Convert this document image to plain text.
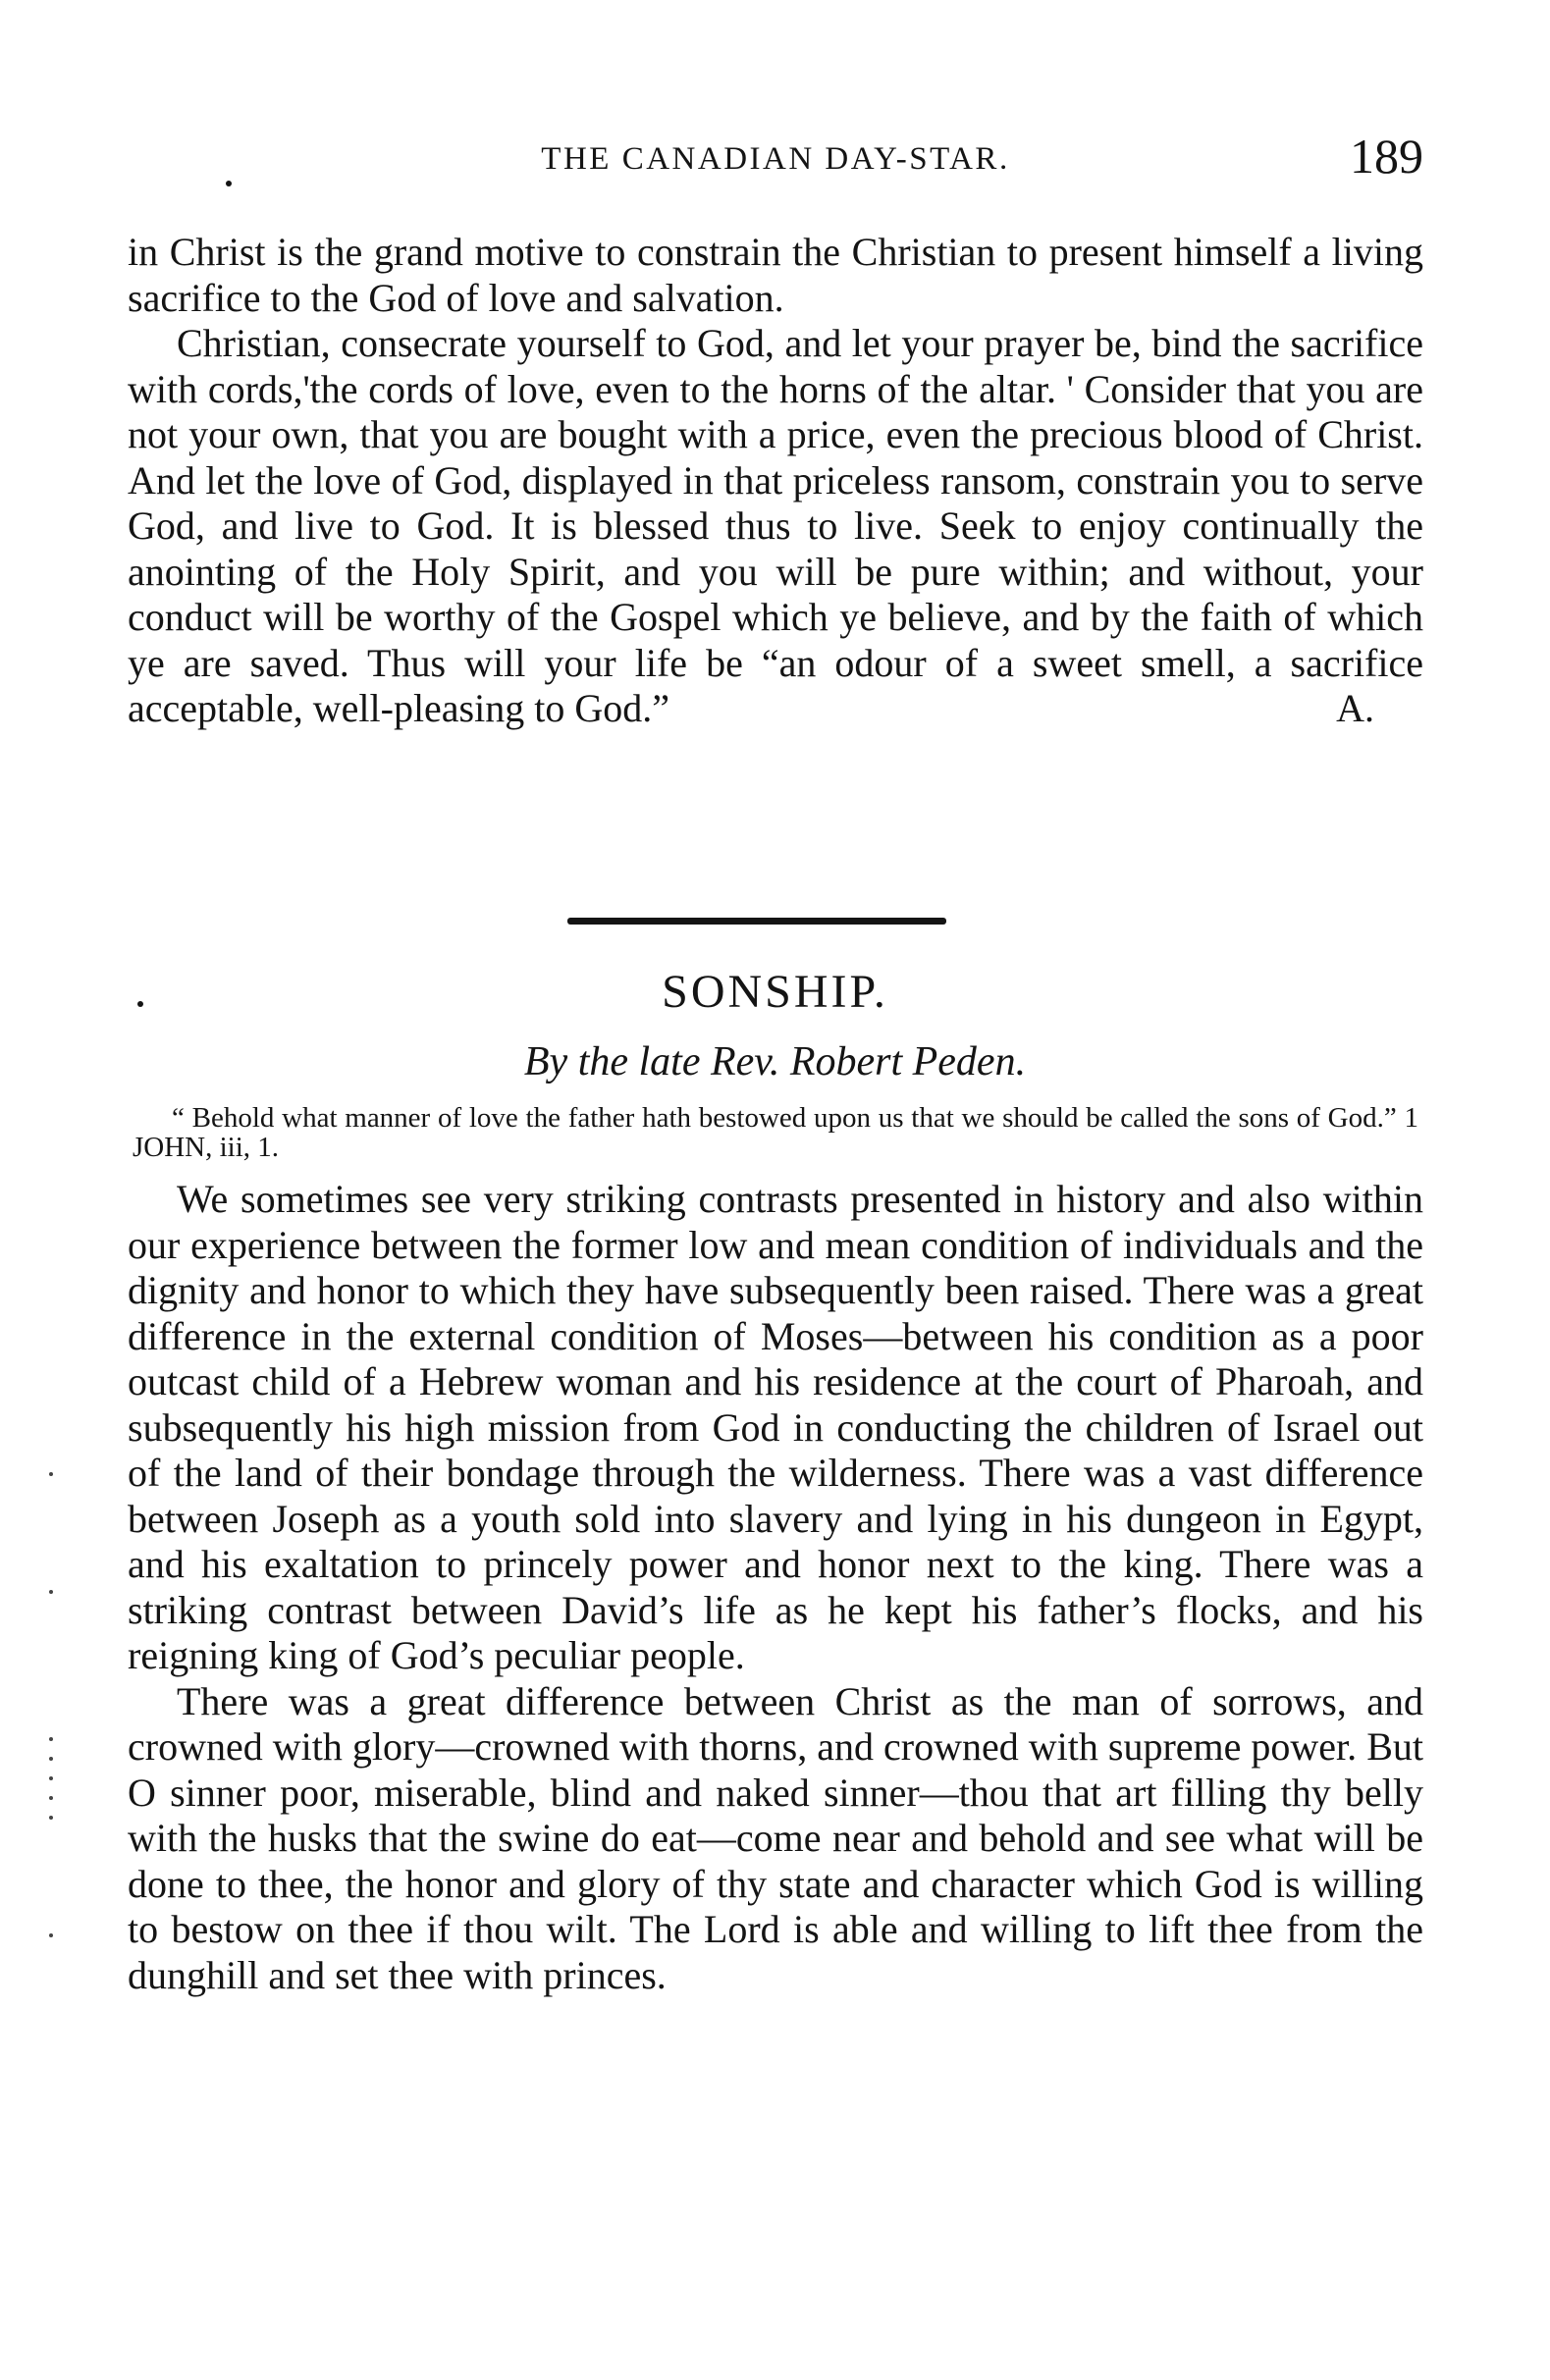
THE CANADIAN DAY-STAR.	189

in Christ is the grand motive to constrain the Christian to present himself a living sacrifice to the God of love and salvation.

Christian, consecrate yourself to God, and let your prayer be, bind the sacrifice with cords,'the cords of love, even to the horns of the altar. ' Consider that you are not your own, that you are bought with a price, even the precious blood of Christ. And let the love of God, displayed in that priceless ransom, constrain you to serve God, and live to God. It is blessed thus to live. Seek to enjoy continually the anointing of the Holy Spirit, and you will be pure within; and without, your conduct will be worthy of the Gospel which ye believe, and by the faith of which ye are saved. Thus will your life be “an odour of a sweet smell, a sacrifice acceptable, well-pleasing to God.”	A.

SONSHIP.
By the late Rev. Robert Peden.

“ Behold what manner of love the father hath bestowed upon us that we should be called the sons of God.” 1 JOHN, iii, 1.

We sometimes see very striking contrasts presented in history and also within our experience between the former low and mean condition of individuals and the dignity and honor to which they have subsequently been raised. There was a great difference in the external condition of Moses—between his condition as a poor outcast child of a Hebrew woman and his residence at the court of Pharoah, and subsequently his high mission from God in conducting the children of Israel out of the land of their bondage through the wilderness. There was a vast difference between Joseph as a youth sold into slavery and lying in his dungeon in Egypt, and his exaltation to princely power and honor next to the king. There was a striking contrast between David’s life as he kept his father’s flocks, and his reigning king of God’s peculiar people.

There was a great difference between Christ as the man of sorrows, and crowned with glory—crowned with thorns, and crowned with supreme power. But O sinner poor, miserable, blind and naked sinner—thou that art filling thy belly with the husks that the swine do eat—come near and behold and see what will be done to thee, the honor and glory of thy state and character which God is willing to bestow on thee if thou wilt. The Lord is able and willing to lift thee from the dunghill and set thee with princes.
